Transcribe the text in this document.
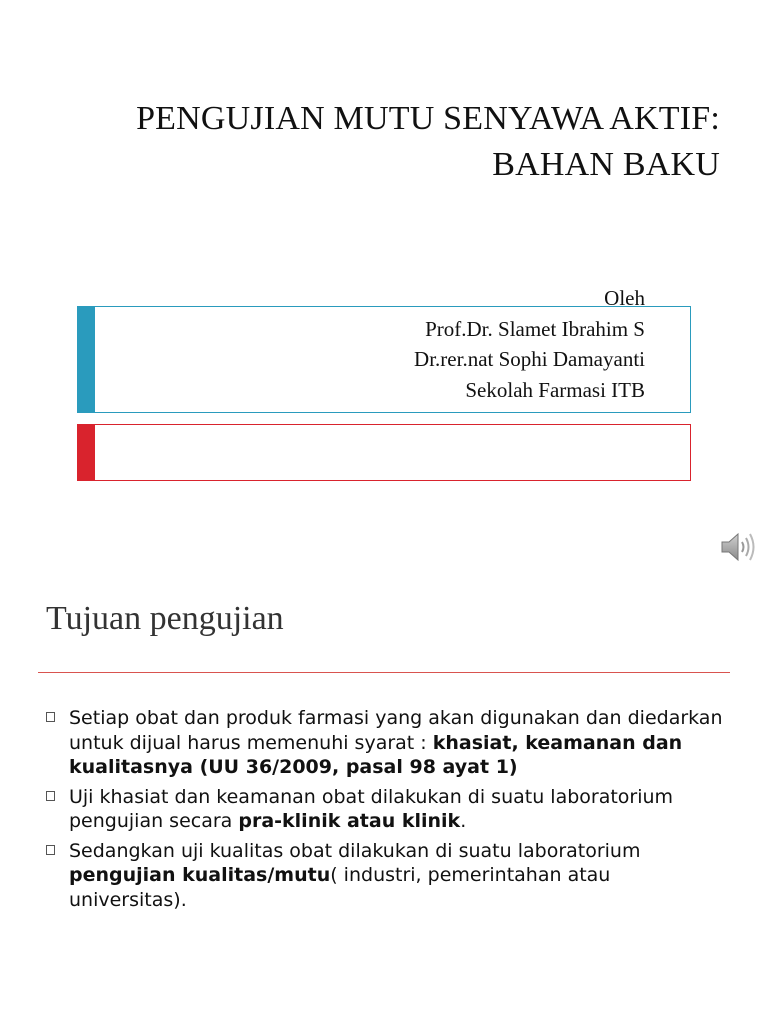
PENGUJIAN MUTU SENYAWA AKTIF:
BAHAN BAKU
Oleh
Prof.Dr. Slamet Ibrahim S
Dr.rer.nat Sophi Damayanti
Sekolah Farmasi ITB
Tujuan pengujian
Setiap obat dan produk farmasi yang akan digunakan dan diedarkan untuk dijual harus memenuhi syarat : khasiat, keamanan dan kualitasnya (UU 36/2009, pasal 98 ayat 1)
Uji khasiat dan keamanan obat dilakukan di suatu laboratorium pengujian secara pra-klinik atau klinik.
Sedangkan uji kualitas obat dilakukan di suatu laboratorium pengujian kualitas/mutu( industri, pemerintahan atau universitas).
